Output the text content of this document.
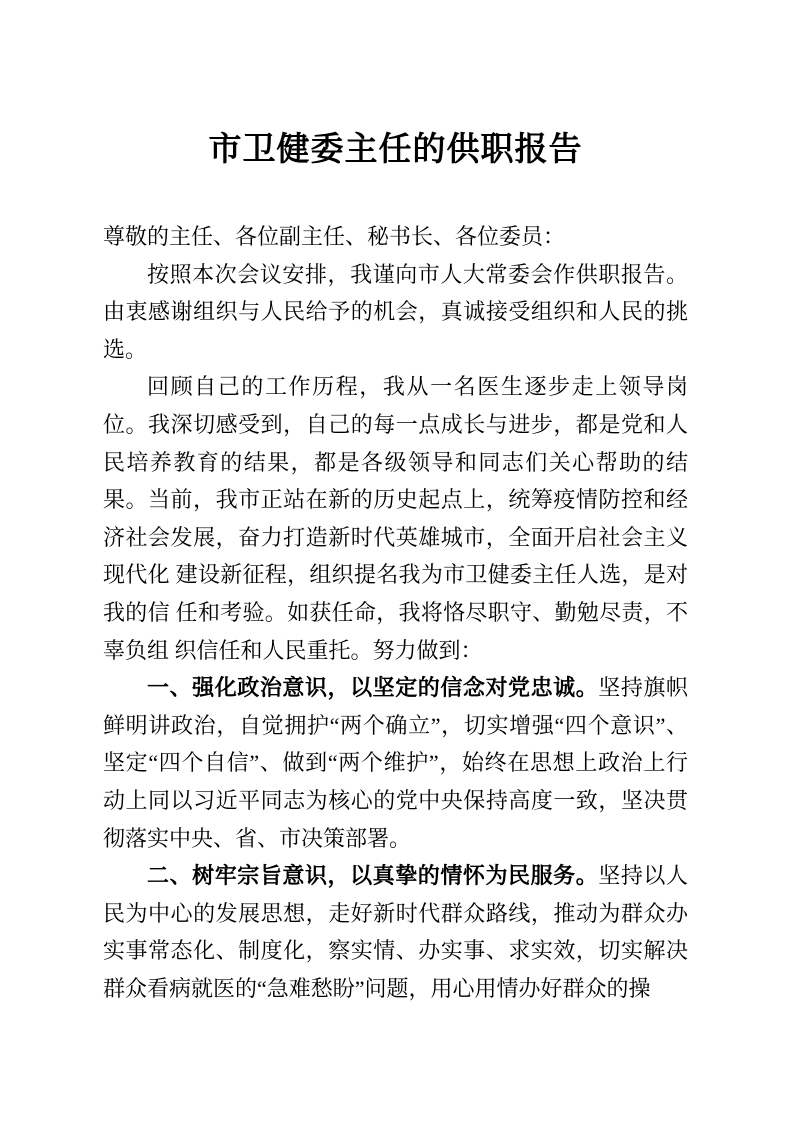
市卫健委主任的供职报告

尊敬的主任、各位副主任、秘书长、各位委员：

按照本次会议安排，我谨向市人大常委会作供职报告。由衷感谢组织与人民给予的机会，真诚接受组织和人民的挑选。

回顾自己的工作历程，我从一名医生逐步走上领导岗位。我深切感受到，自己的每一点成长与进步，都是党和人民培养教育的结果，都是各级领导和同志们关心帮助的结果。当前，我市正站在新的历史起点上，统筹疫情防控和经济社会发展，奋力打造新时代英雄城市，全面开启社会主义现代化 建设新征程，组织提名我为市卫健委主任人选，是对我的信 任和考验。如获任命，我将恪尽职守、勤勉尽责，不辜负组 织信任和人民重托。努力做到：

一、强化政治意识，以坚定的信念对党忠诚。坚持旗帜鲜明讲政治，自觉拥护“两个确立”，切实增强“四个意识”、坚定“四个自信”、做到“两个维护”，始终在思想上政治上行动上同以习近平同志为核心的党中央保持高度一致，坚决贯彻落实中央、省、市决策部署。

二、树牢宗旨意识，以真挚的情怀为民服务。坚持以人民为中心的发展思想，走好新时代群众路线，推动为群众办实事常态化、制度化，察实情、办实事、求实效，切实解决群众看病就医的“急难愁盼”问题，用心用情办好群众的操
